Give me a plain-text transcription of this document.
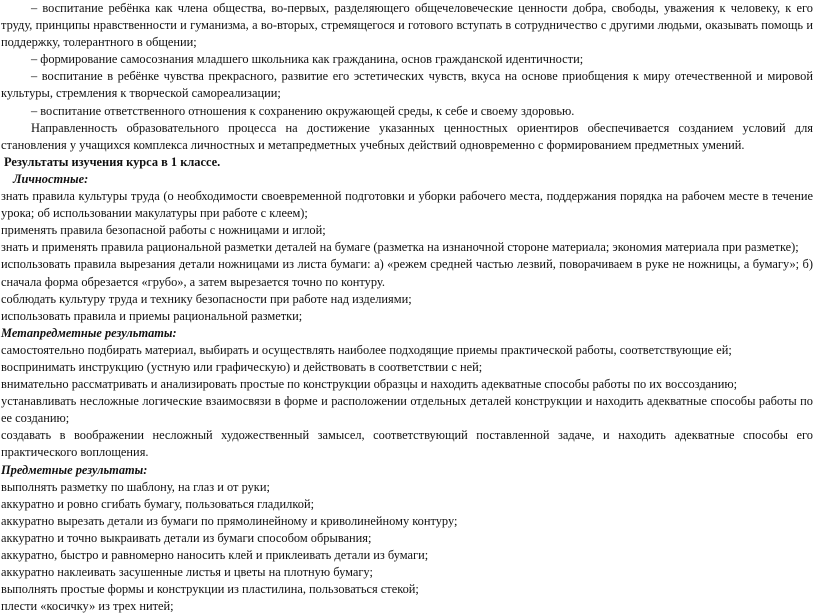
– воспитание ребёнка как члена общества, во-первых, разделяющего общечеловеческие ценности добра, свободы, уважения к человеку, к его труду, принципы нравственности и гуманизма, а во-вторых, стремящегося и готового вступать в сотрудничество с другими людьми, оказывать помощь и поддержку, толерантного в общении;

– формирование самосознания младшего школьника как гражданина, основ гражданской идентичности;

– воспитание в ребёнке чувства прекрасного, развитие его эстетических чувств, вкуса на основе приобщения к миру отечественной и мировой культуры, стремления к творческой самореализации;

– воспитание ответственного отношения к сохранению окружающей среды, к себе и своему здоровью.

Направленность образовательного процесса на достижение указанных ценностных ориентиров обеспечивается созданием условий для становления у учащихся комплекса личностных и метапредметных учебных действий одновременно с формированием предметных умений.

Результаты изучения курса в 1 классе.

Личностные:

знать правила культуры труда (о необходимости своевременной подготовки и уборки рабочего места, поддержания порядка на рабочем месте в течение урока; об использовании макулатуры при работе с клеем);

применять правила безопасной работы с ножницами и иглой;

знать и применять правила рациональной разметки деталей на бумаге (разметка на изнаночной стороне материала; экономия материала при разметке);

использовать правила вырезания детали ножницами из листа бумаги: а) «режем средней частью лезвий, поворачиваем в руке не ножницы, а бумагу»; б) сначала форма обрезается «грубо», а затем вырезается точно по контуру.

соблюдать культуру труда и технику безопасности при работе над изделиями;

использовать правила и приемы рациональной разметки;

Метапредметные результаты:

самостоятельно подбирать материал, выбирать и осуществлять наиболее подходящие приемы практической работы, соответствующие ей;

воспринимать инструкцию (устную или графическую) и действовать в соответствии с ней;

внимательно рассматривать и анализировать простые по конструкции образцы и находить адекватные способы работы по их воссозданию;

устанавливать несложные логические взаимосвязи в форме и расположении отдельных деталей конструкции и находить адекватные способы работы по ее созданию;

создавать в воображении несложный художественный замысел, соответствующий поставленной задаче, и находить адекватные способы его практического воплощения.

Предметные результаты:

выполнять разметку по шаблону, на глаз и от руки;

аккуратно и ровно сгибать бумагу, пользоваться гладилкой;

аккуратно вырезать детали из бумаги по прямолинейному и криволинейному контуру;

аккуратно и точно выкраивать детали из бумаги способом обрывания;

аккуратно, быстро и равномерно наносить клей и приклеивать детали из бумаги;

аккуратно наклеивать засушенные листья и цветы на плотную бумагу;

выполнять простые формы и конструкции из пластилина, пользоваться стекой;

плести «косичку» из трех нитей;
